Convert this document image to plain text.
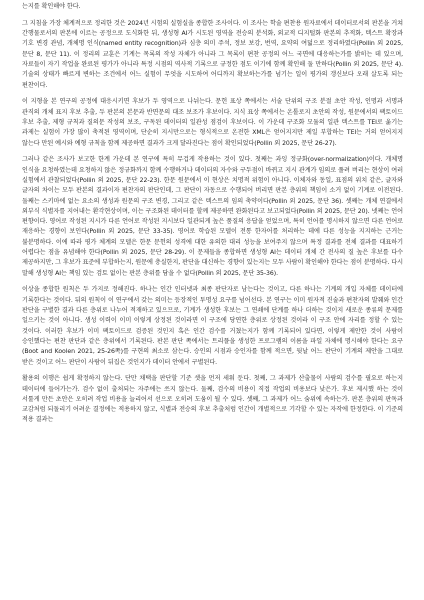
는지를 확인해야 한다.

그 지침을 가장 체계적으로 정리한 것은 2024년 시험의 실험실을 종합한 조사이다. 이 조사는 학술 편찬용 원자료에서 데이터로서의 판본을 거쳐 간행물로서의 판본에 이르는 공정으로 도식화한 뒤, 생성형 AI가 시도된 영역을 전승의 분석화, 외교적 디지털화 판본의 추적화, 텍스트 확장과 기호 변경 관념, 개체명 인식(named entity recognition)과 심층 의미 주석, 정보 보강, 번역, 요약의 여덟으로 정리하였다(Pollin 외 2025, 문단 8, 문단 11). 이 정리의 교훈은 기계는 목록의 작성 자체가 아니라 그 목록이 편찬 공정의 어느 국면에 대응하는가를 밝히는 데 있으며, 자료들이 자기 작업을 완료된 평가가 아니라 특정 시점의 역사적 기록으로 규정한 점도 이기에 함께 확인해 둘 만하다(Pollin 외 2025, 문단 4). 기술의 상태가 빠르게 변하는 조건에서 어느 실험이 무엇을 시도하여 어디까지 확보하는가를 넘기는 일이 평가의 갱신보다 오래 살도록 되는 편찬이다.

이 지형을 본 연구의 공정에 대응시키면 후보가 두 영역으로 나뉘는다. 문헌 표상 쪽에서는 서술 단위의 구조 분절 초안 작성, 인명과 서명과 관직의 개체 표지 후보 추출, 두 판본의 본문과 반면문의 대조 보조가 후보이다. 지식 표상 쪽에서는 온톨로지 초안의 작성, 원문에서의 팩토이드 후보 추출, 제형 규칙과 질의문 작성의 보조, 구독된 데이터의 일관성 점검이 후보이다. 이 가운데 구조화 모듈의 일관 텍스트를 TEI로 옮기는 과제는 실험이 가장 많이 축적된 영역이며, 단순히 지시만으로는 형식적으로 온전한 XML은 얻어지지만 제일 부합하는 TEI는 거의 얻어지지 않는다 만된 예시와 예형 규칙을 함께 제공하면 결과가 크게 달라진다는 점이 확인되었다(Pollin 외 2025, 문단 26-27).

그러나 같은 조사가 보고한 한계 가운데 본 연구에 특히 무겁게 작용하는 것이 있다. 첫째는 과잉 정규화(over-normalization)이다. 개체명 인식을 요청하였는데 요청하지 않은 정규화까지 함께 수행하거나 데이터의 자수와 구두점이 바뀌고 지시 관계가 임의로 풀려 버리는 현상이 여러 실험에서 관찰되었다(Pollin 외 2025, 문단 22-23). 한문 원문에서 이 현상은 치명적 위험이 아니다. 이체자와 동일, 표점의 위치 같은, 글자와 글자의 차이는 모두 판본의 결과이자 편찬자의 판단인데, 그 판단이 자동으로 수행되어 버리면 판본 층위의 책임이 소거 없이 기계로 이전된다. 둘째는 스키마에 없는 요소의 생성과 원문의 구조 변경, 그리고 같은 텍스트의 임의 축약이다(Pollin 외 2025, 문단 36). 셋째는 개체 연결에서 외부식 식별자를 지어내는 환각현상이며, 이는 구조화된 데이터를 할께 제공하면 완화된다고 보고되었다(Pollin 외 2025, 문단 20). 넷째는 언어 편향이다. 영어로 작성된 지시가 다른 언어로 작성된 지시보다 일관되게 높은 품질의 응답을 얻었으며, 특히 언어를 명시하지 않으면 다른 언어로 재응하는 경향이 보인다(Pollin 외 2025, 문단 33-35). 영어로 학습된 모델이 전통 한자어를 처리하는 데에 다른 성능을 지지하는 근거는 불분명하다. 이에 따라 평가 체계의 모델은 한문 문헌의 성격에 대한 유의한 대리 성능을 보여주지 않으며 특정 결과를 전체 결과를 대표하기 어렵다는 점을 유념해야 한다(Pollin 외 2025, 문단 28-29). 이 문제들을 종합하면 생성형 AI는 데이터 개체 간 전사의 질 높은 후보를 다수 제공하지만, 그 후보가 표준에 부합하는지, 원문에 충실한지, 판단을 대신하는 경향이 있는지는 모두 사람이 확인해야 한다는 점이 분명하다. 다시 말해 생성형 AI는 책임 있는 검토 없이는 판본 층위를 담을 수 없다(Pollin 외 2025, 문단 35-36).

이상을 종합한 원칙은 두 가지로 정해진다. 하나는 인간 인터넷과 최종 판단자로 남는다는 것이고, 다른 하나는 기계의 개입 자체를 데이터에 기록한다는 것이다. 뒤의 원칙이 이 연구에서 갖는 의미는 등장적인 투명성 요구를 넘어선다. 본 연구는 이미 원자적 진술과 편찬자의 발췌와 인간 판단을 구별한 결과 다른 층위로 나누어 적재하고 있으므로, 기계가 생성한 후보는 그 연쇄에 단계를 하나 더하는 것이지 새로운 종류의 문제를 일으키는 것이 아니다. 생성 이력이 이미 이렇게 상정된 것이라면 이 구조에 당연한 층위로 상정된 것이라 이 구조 안에 자리를 정할 수 있는 것이다. 이러한 후보가 이미 팩토이드로 검증된 것인지 혹은 인간 검수를 거쳤는지가 함께 기록되어 있다면, 이렇게 제안한 것이 사람이 승인했다는 편찬 판단과 같은 층위에서 기록된다. 판본 판단 쪽에서는 트리플을 생성한 프로그램의 이름을 파일 자체에 명시해야 한다는 요구(Boot and Koolen 2021, 25-26쪽)를 구현의 최소로 삼는다. 승인의 시점과 승인자를 함께 적으면, 뒷날 어느 판단이 기계의 제안을 그대로 받은 것이고 어느 판단이 사람이 뒤집은 것인지가 데이터 안에서 구별된다.

활용의 이행은 쉽게 확정하지 않는다. 단만 채택을 판단할 기준 셋을 먼저 세워 둔다. 첫째, 그 과제가 산출물이 사람의 검수를 필요로 하는지 데이터에 들어가는가. 검수 없이 출처되는 자주에는 쓰지 않는다. 둘째, 검수의 비용이 직접 작업의 비용보다 낮은가. 후보 제시했 하는 것이 서툴게 만든 초안은 오히려 작업 비용을 늘리어서 선으로 오히려 도움이 될 수 있다. 셋째, 그 과제가 어느 숨위에 속하는가. 판본 층위의 판독과 교감처럼 되돌리기 어려운 결정에는 적용하지 않고, 식별과 전승의 후보 추출처럼 인간이 개별적으로 기각할 수 있는 자작에 한정한다. 이 기준의 적용 결과는
